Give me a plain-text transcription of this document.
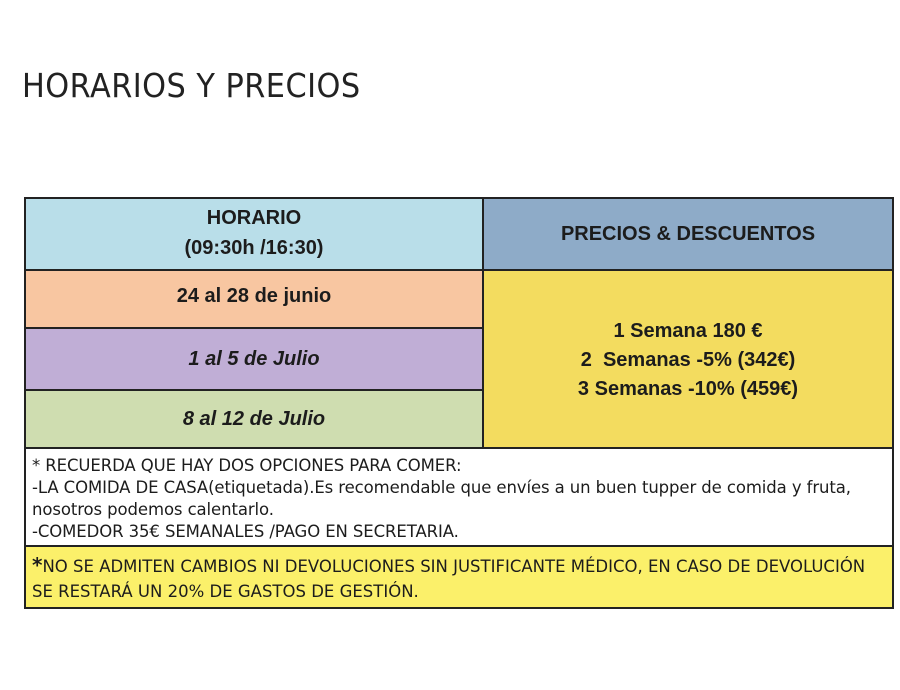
HORARIOS Y PRECIOS
HORARIO
(09:30h /16:30)
PRECIOS & DESCUENTOS
24 al 28 de junio
1 Semana 180 €
2  Semanas -5% (342€)
3 Semanas -10% (459€)
1 al 5 de Julio
8 al 12 de Julio
* RECUERDA QUE HAY DOS OPCIONES PARA COMER:
-LA COMIDA DE CASA(etiquetada).Es recomendable que envíes a un buen tupper de comida y fruta, nosotros podemos calentarlo.
-COMEDOR 35€ SEMANALES /PAGO EN SECRETARIA.
*NO SE ADMITEN CAMBIOS NI DEVOLUCIONES SIN JUSTIFICANTE MÉDICO, EN CASO DE DEVOLUCIÓN SE RESTARÁ UN 20% DE GASTOS DE GESTIÓN.
